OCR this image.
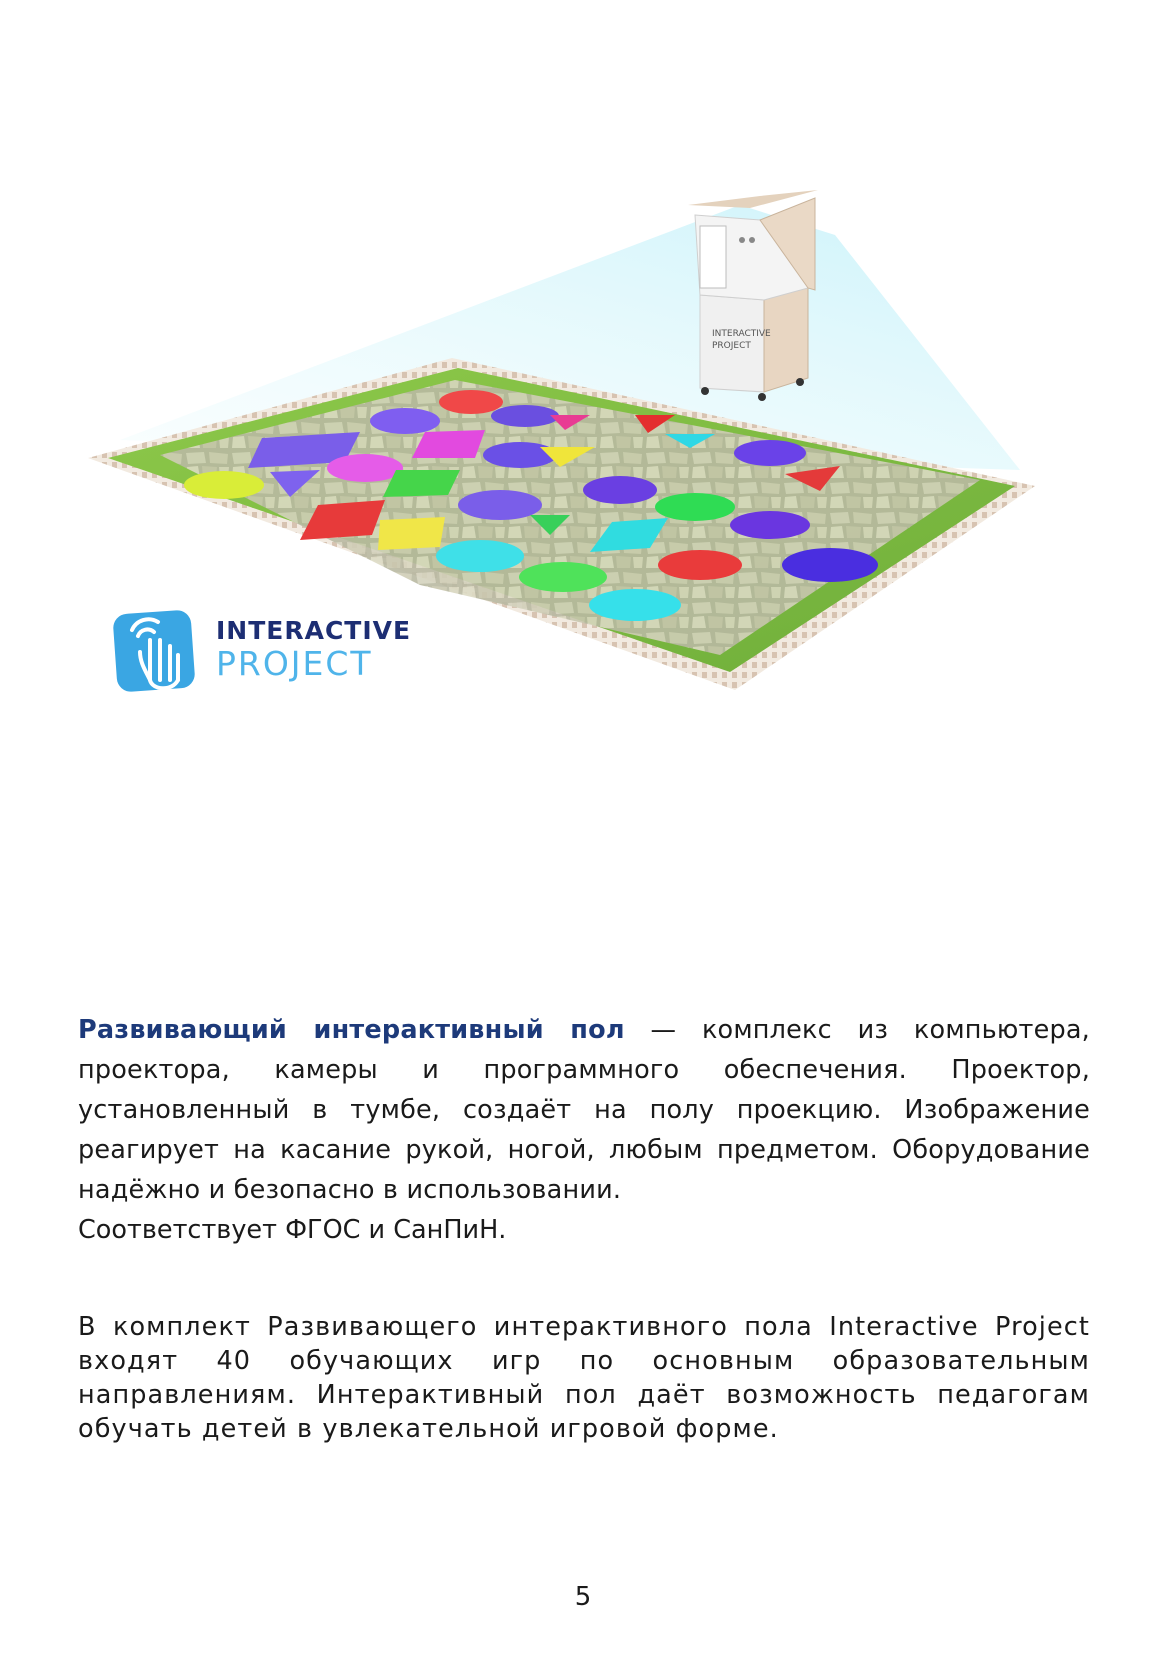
INTERACTIVE
PROJECT
INTERACTIVE
PROJECT
Развивающий интерактивный пол — комплекс из компьютера, проектора, камеры и программного обеспечения. Проектор, установленный в тумбе, создаёт на полу проекцию. Изображение реагирует на касание рукой, ногой, любым предметом. Оборудование надёжно и безопасно в использовании.
Соответствует ФГОС и СанПиН.
В комплект Развивающего интерактивного пола Interactive Project входят 40 обучающих игр по основным образовательным направлениям. Интерактивный пол даёт возможность педагогам обучать детей в увлекательной игровой форме.
5
